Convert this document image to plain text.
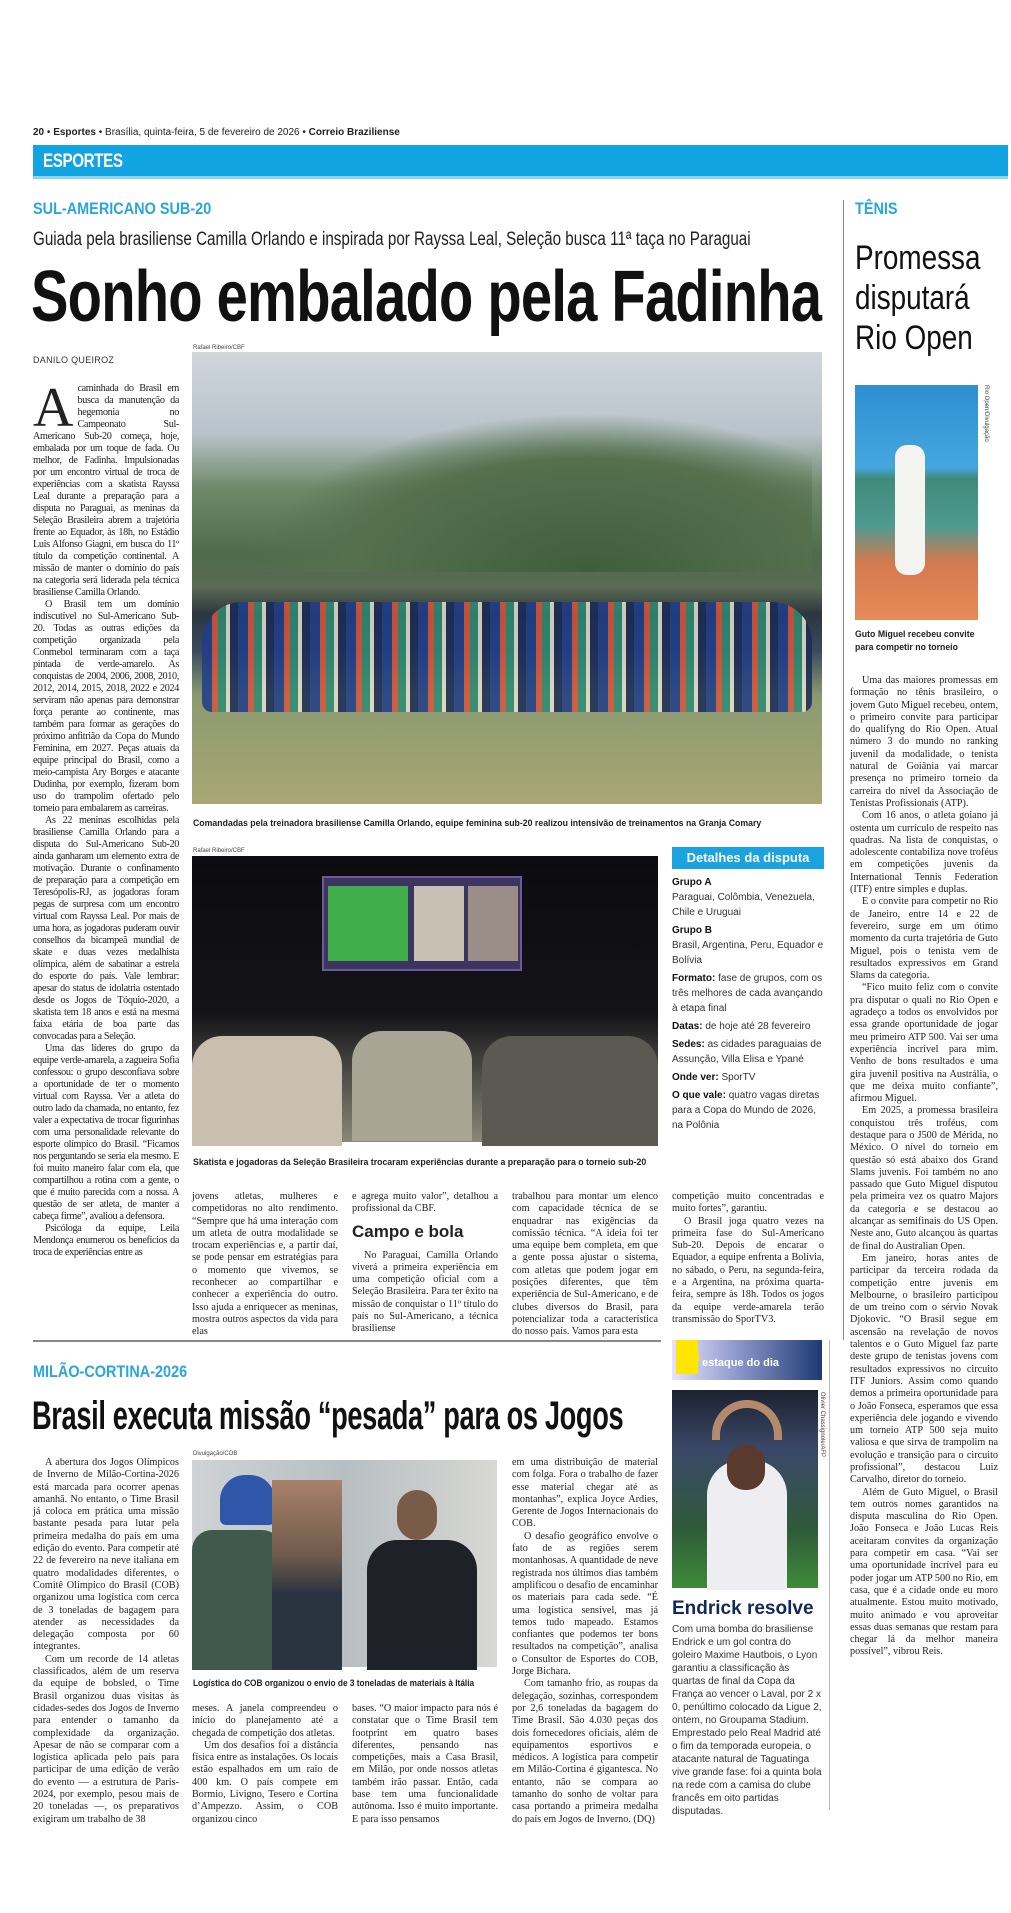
20 • Esportes • Brasília, quinta-feira, 5 de fevereiro de 2026 • Correio Braziliense
ESPORTES
SUL-AMERICANO SUB-20
Guiada pela brasiliense Camilla Orlando e inspirada por Rayssa Leal, Seleção busca 11ª taça no Paraguai
Sonho embalado pela Fadinha
DANILO QUEIROZ
Rafael Ribeiro/CBF
Comandadas pela treinadora brasiliense Camilla Orlando, equipe feminina sub-20 realizou intensivão de treinamentos na Granja Comary
Rafael Ribeiro/CBF
Skatista e jogadoras da Seleção Brasileira trocaram experiências durante a preparação para o torneio sub-20

Acaminhada do Brasil em busca da manutenção da hegemonia no Campeonato Sul-Americano Sub-20 começa, hoje, embalada por um toque de fada. Ou melhor, de Fadinha. Impulsionadas por um encontro virtual de troca de experiências com a skatista Rayssa Leal durante a preparação para a disputa no Paraguai, as meninas da Seleção Brasileira abrem a trajetória frente ao Equador, às 18h, no Estádio Luis Alfonso Giagni, em busca do 11º título da competição continental. A missão de manter o domínio do país na categoria será liderada pela técnica brasiliense Camilla Orlando.

O Brasil tem um domínio indiscutível no Sul-Americano Sub-20. Todas as outras edições da competição organizada pela Conmebol terminaram com a taça pintada de verde-amarelo. As conquistas de 2004, 2006, 2008, 2010, 2012, 2014, 2015, 2018, 2022 e 2024 serviram não apenas para demonstrar força perante ao continente, mas também para formar as gerações do próximo anfitrião da Copa do Mundo Feminina, em 2027. Peças atuais da equipe principal do Brasil, como a meio-campista Ary Borges e atacante Dudinha, por exemplo, fizeram bom uso do trampolim ofertado pelo torneio para embalarem as carreiras.

As 22 meninas escolhidas pela brasiliense Camilla Orlando para a disputa do Sul-Americano Sub-20 ainda ganharam um elemento extra de motivação. Durante o confinamento de preparação para a competição em Teresópolis-RJ, as jogadoras foram pegas de surpresa com um encontro virtual com Rayssa Leal. Por mais de uma hora, as jogadoras puderam ouvir conselhos da bicampeã mundial de skate e duas vezes medalhista olímpica, além de sabatinar a estrela do esporte do país. Vale lembrar: apesar do status de idolatria ostentado desde os Jogos de Tóquio-2020, a skatista tem 18 anos e está na mesma faixa etária de boa parte das convocadas para a Seleção.

Uma das líderes do grupo da equipe verde-amarela, a zagueira Sofia confessou: o grupo desconfiava sobre a oportunidade de ter o momento virtual com Rayssa. Ver a atleta do outro lado da chamada, no entanto, fez valer a expectativa de trocar figurinhas com uma personalidade relevante do esporte olímpico do Brasil. “Ficamos nos perguntando se seria ela mesmo. E foi muito maneiro falar com ela, que compartilhou a rotina com a gente, o que é muito parecida com a nossa. A questão de ser atleta, de manter a cabeça firme”, avaliou a defensora.

Psicóloga da equipe, Leila Mendonça enumerou os benefícios da troca de experiências entre as

jovens atletas, mulheres e competidoras no alto rendimento. “Sempre que há uma interação com um atleta de outra modalidade se trocam experiências e, a partir daí, se pode pensar em estratégias para o momento que vivemos, se reconhecer ao compartilhar e conhecer a experiência do outro. Isso ajuda a enriquecer as meninas, mostra outros aspectos da vida para elas

e agrega muito valor”, detalhou a profissional da CBF.

Campo e bola

No Paraguai, Camilla Orlando viverá a primeira experiência em uma competição oficial com a Seleção Brasileira. Para ter êxito na missão de conquistar o 11º título do país no Sul-Americano, a técnica brasiliense

trabalhou para montar um elenco com capacidade técnica de se enquadrar nas exigências da comissão técnica. “A ideia foi ter uma equipe bem completa, em que a gente possa ajustar o sistema, com atletas que podem jogar em posições diferentes, que têm experiência de Sul-Americano, e de clubes diversos do Brasil, para potencializar toda a característica do nosso país. Vamos para esta

competição muito concentradas e muito fortes”, garantiu.

O Brasil joga quatro vezes na primeira fase do Sul-Americano Sub-20. Depois de encarar o Equador, a equipe enfrenta a Bolívia, no sábado, o Peru, na segunda-feira, e a Argentina, na próxima quarta-feira, sempre às 18h. Todos os jogos da equipe verde-amarela terão transmissão do SporTV3.

Detalhes da disputa
Grupo A
Paraguai, Colômbia, Venezuela, Chile e Uruguai
Grupo B
Brasil, Argentina, Peru, Equador e Bolívia
Formato: fase de grupos, com os três melhores de cada avançando à etapa final
Datas: de hoje até 28 fevereiro
Sedes: as cidades paraguaias de Assunção, Villa Elisa e Ypané
Onde ver: SporTV
O que vale: quatro vagas diretas para a Copa do Mundo de 2026, na Polônia
TÊNIS
Promessa
disputará
Rio Open
Rio Open/Divulgação
Guto Miguel recebeu convite
para competir no torneio

Uma das maiores promessas em formação no tênis brasileiro, o jovem Guto Miguel recebeu, ontem, o primeiro convite para participar do qualifyng do Rio Open. Atual número 3 do mundo no ranking juvenil da modalidade, o tenista natural de Goiânia vai marcar presença no primeiro torneio da carreira do nível da Associação de Tenistas Profissionais (ATP).

Com 16 anos, o atleta goiano já ostenta um currículo de respeito nas quadras. Na lista de conquistas, o adolescente contabiliza nove troféus em competições juvenis da International Tennis Federation (ITF) entre simples e duplas.

E o convite para competir no Rio de Janeiro, entre 14 e 22 de fevereiro, surge em um ótimo momento da curta trajetória de Guto Miguel, pois o tenista vem de resultados expressivos em Grand Slams da categoria.

“Fico muito feliz com o convite pra disputar o quali no Rio Open e agradeço a todos os envolvidos por essa grande oportunidade de jogar meu primeiro ATP 500. Vai ser uma experiência incrível para mim. Venho de bons resultados e uma gira juvenil positiva na Austrália, o que me deixa muito confiante”, afirmou Miguel.

Em 2025, a promessa brasileira conquistou três troféus, com destaque para o J500 de Mérida, no México. O nível do torneio em questão só está abaixo dos Grand Slams juvenis. Foi também no ano passado que Guto Miguel disputou pela primeira vez os quatro Majors da categoria e se destacou ao alcançar as semifinais do US Open. Neste ano, Guto alcançou às quartas de final do Australian Open.

Em janeiro, horas antes de participar da terceira rodada da competição entre juvenis em Melbourne, o brasileiro participou de um treino com o sérvio Novak Djokovic. “O Brasil segue em ascensão na revelação de novos talentos e o Guto Miguel faz parte deste grupo de tenistas jovens com resultados expressivos no circuito ITF Juniors. Assim como quando demos a primeira oportunidade para o João Fonseca, esperamos que essa experiência dele jogando e vivendo um torneio ATP 500 seja muito valiosa e que sirva de trampolim na evolução e transição para o circuito profissional”, destacou Luiz Carvalho, diretor do torneio.

Além de Guto Miguel, o Brasil tem outros nomes garantidos na disputa masculina do Rio Open. João Fonseca e João Lucas Reis aceitaram convites da organização para competir em casa. “Vai ser uma oportunidade incrível para eu poder jogar um ATP 500 no Rio, em casa, que é a cidade onde eu moro atualmente. Estou muito motivado, muito animado e vou aproveitar essas duas semanas que restam para chegar lá da melhor maneira possível”, vibrou Reis.

MILÃO-CORTINA-2026
Brasil executa missão “pesada” para os Jogos
Divulgação/COB
Logística do COB organizou o envio de 3 toneladas de materiais à Itália

A abertura dos Jogos Olímpicos de Inverno de Milão-Cortina-2026 está marcada para ocorrer apenas amanhã. No entanto, o Time Brasil já coloca em prática uma missão bastante pesada para lutar pela primeira medalha do país em uma edição do evento. Para competir até 22 de fevereiro na neve italiana em quatro modalidades diferentes, o Comitê Olímpico do Brasil (COB) organizou uma logística com cerca de 3 toneladas de bagagem para atender as necessidades da delegação composta por 60 integrantes.

Com um recorde de 14 atletas classificados, além de um reserva da equipe de bobsled, o Time Brasil organizou duas visitas às cidades-sedes dos Jogos de Inverno para entender o tamanho da complexidade da organização. Apesar de não se comparar com a logística aplicada pelo país para participar de uma edição de verão do evento — a estrutura de Paris-2024, por exemplo, pesou mais de 20 toneladas —, os preparativos exigiram um trabalho de 38

meses. A janela compreendeu o início do planejamento até a chegada de competição dos atletas.

Um dos desafios foi a distância física entre as instalações. Os locais estão espalhados em um raio de 400 km. O país compete em Bormio, Livigno, Tesero e Cortina d’Ampezzo. Assim, o COB organizou cinco

bases. “O maior impacto para nós é constatar que o Time Brasil tem footprint em quatro bases diferentes, pensando nas competições, mais a Casa Brasil, em Milão, por onde nossos atletas também irão passar. Então, cada base tem uma funcionalidade autônoma. Isso é muito importante. E para isso pensamos

em uma distribuição de material com folga. Fora o trabalho de fazer esse material chegar até as montanhas”, explica Joyce Ardies, Gerente de Jogos Internacionais do COB.

O desafio geográfico envolve o fato de as regiões serem montanhosas. A quantidade de neve registrada nos últimos dias também amplificou o desafio de encaminhar os materiais para cada sede. “É uma logística sensível, mas já temos tudo mapeado. Estamos confiantes que podemos ter bons resultados na competição”, analisa o Consultor de Esportes do COB, Jorge Bichara.

Com tamanho frio, as roupas da delegação, sozinhas, correspondem por 2,6 toneladas da bagagem do Time Brasil. São 4.030 peças dos dois fornecedores oficiais, além de equipamentos esportivos e médicos. A logística para competir em Milão-Cortina é gigantesca. No entanto, não se compara ao tamanho do sonho de voltar para casa portando a primeira medalha do país em Jogos de Inverno. (DQ)

D estaque do dia
Olivier Chassignole/AFP
Endrick resolve
Com uma bomba do brasiliense Endrick e um gol contra do goleiro Maxime Hautbois, o Lyon garantiu a classificação às quartas de final da Copa da França ao vencer o Laval, por 2 x 0, penúltimo colocado da Ligue 2, ontem, no Groupama Stadium. Emprestado pelo Real Madrid até o fim da temporada europeia, o atacante natural de Taguatinga vive grande fase: foi a quinta bola na rede com a camisa do clube francês em oito partidas disputadas.
